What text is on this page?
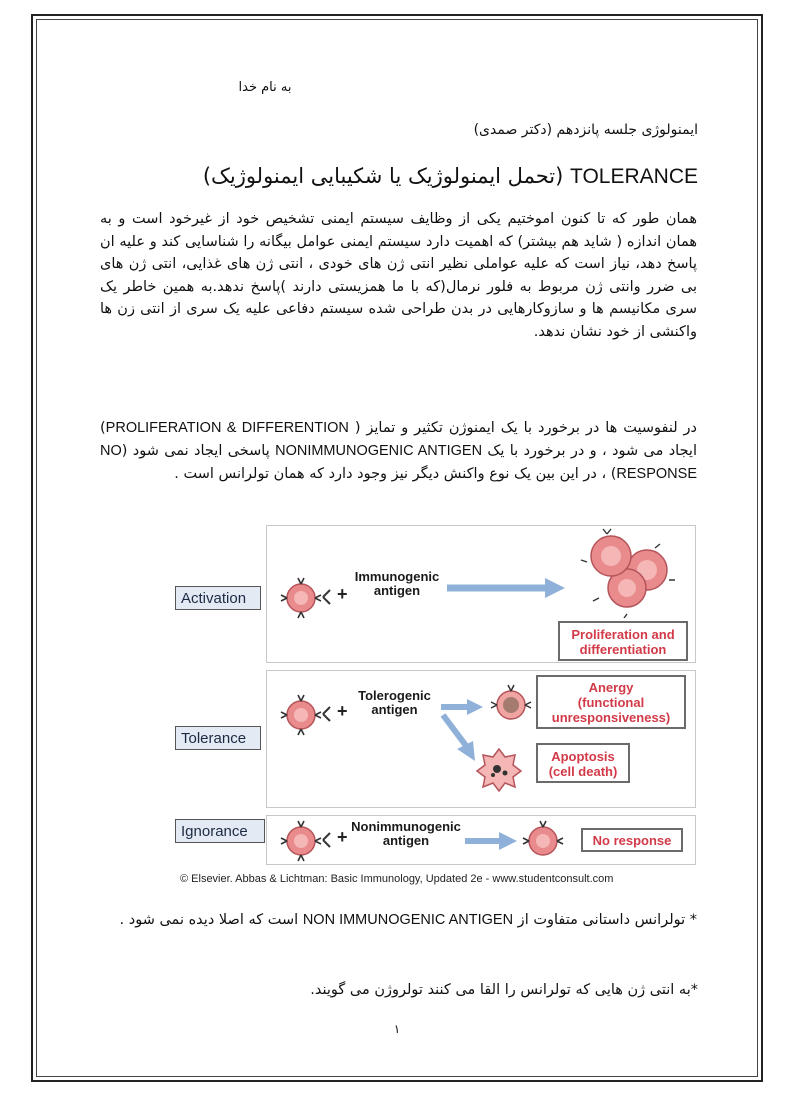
به نام خدا
ایمنولوژی جلسه پانزدهم (دکتر صمدی)
TOLERANCE (تحمل ایمنولوژیک یا شکیبایی ایمنولوژیک)
همان طور که تا کنون اموختیم یکی از وظایف سیستم ایمنی تشخیص خود از غیرخود است و به همان اندازه ( شاید هم بیشتر) که اهمیت دارد سیستم ایمنی عوامل بیگانه را شناسایی کند و علیه ان پاسخ دهد، نیاز است که علیه عواملی نظیر انتی ژن های خودی ، انتی ژن های غذایی، انتی ژن های بی ضرر وانتی ژن مربوط به فلور نرمال(که با ما همزیستی دارند )پاسخ ندهد.به همین خاطر یک سری مکانیسم ها و سازوکارهایی در بدن طراحی شده سیستم دفاعی علیه یک سری از انتی زن ها واکنشی از خود نشان ندهد.
در لنفوسیت ها در برخورد با یک ایمنوژن تکثیر و تمایز ( PROLIFERATION & DIFFERENTION) ایجاد می شود ، و در برخورد با یک NONIMMUNOGENIC ANTIGEN پاسخی ایجاد نمی شود (NO RESPONSE) ، در این بین یک نوع واکنش دیگر نیز وجود دارد که همان تولرانس است .
Activation	+
Immunogenic
antigen
Proliferation and
differentiation
Tolerance
+
Tolerogenic
antigen
Anergy
(functional
unresponsiveness)
Apoptosis
(cell death)
Ignorance	+
Nonimmunogenic
antigen	No response
© Elsevier. Abbas & Lichtman: Basic Immunology, Updated 2e - www.studentconsult.com
* تولرانس داستانی متفاوت از NON IMMUNOGENIC ANTIGEN است که اصلا دیده نمی شود .
*به انتی ژن هایی که تولرانس را القا می کنند تولروژن می گویند.
۱
